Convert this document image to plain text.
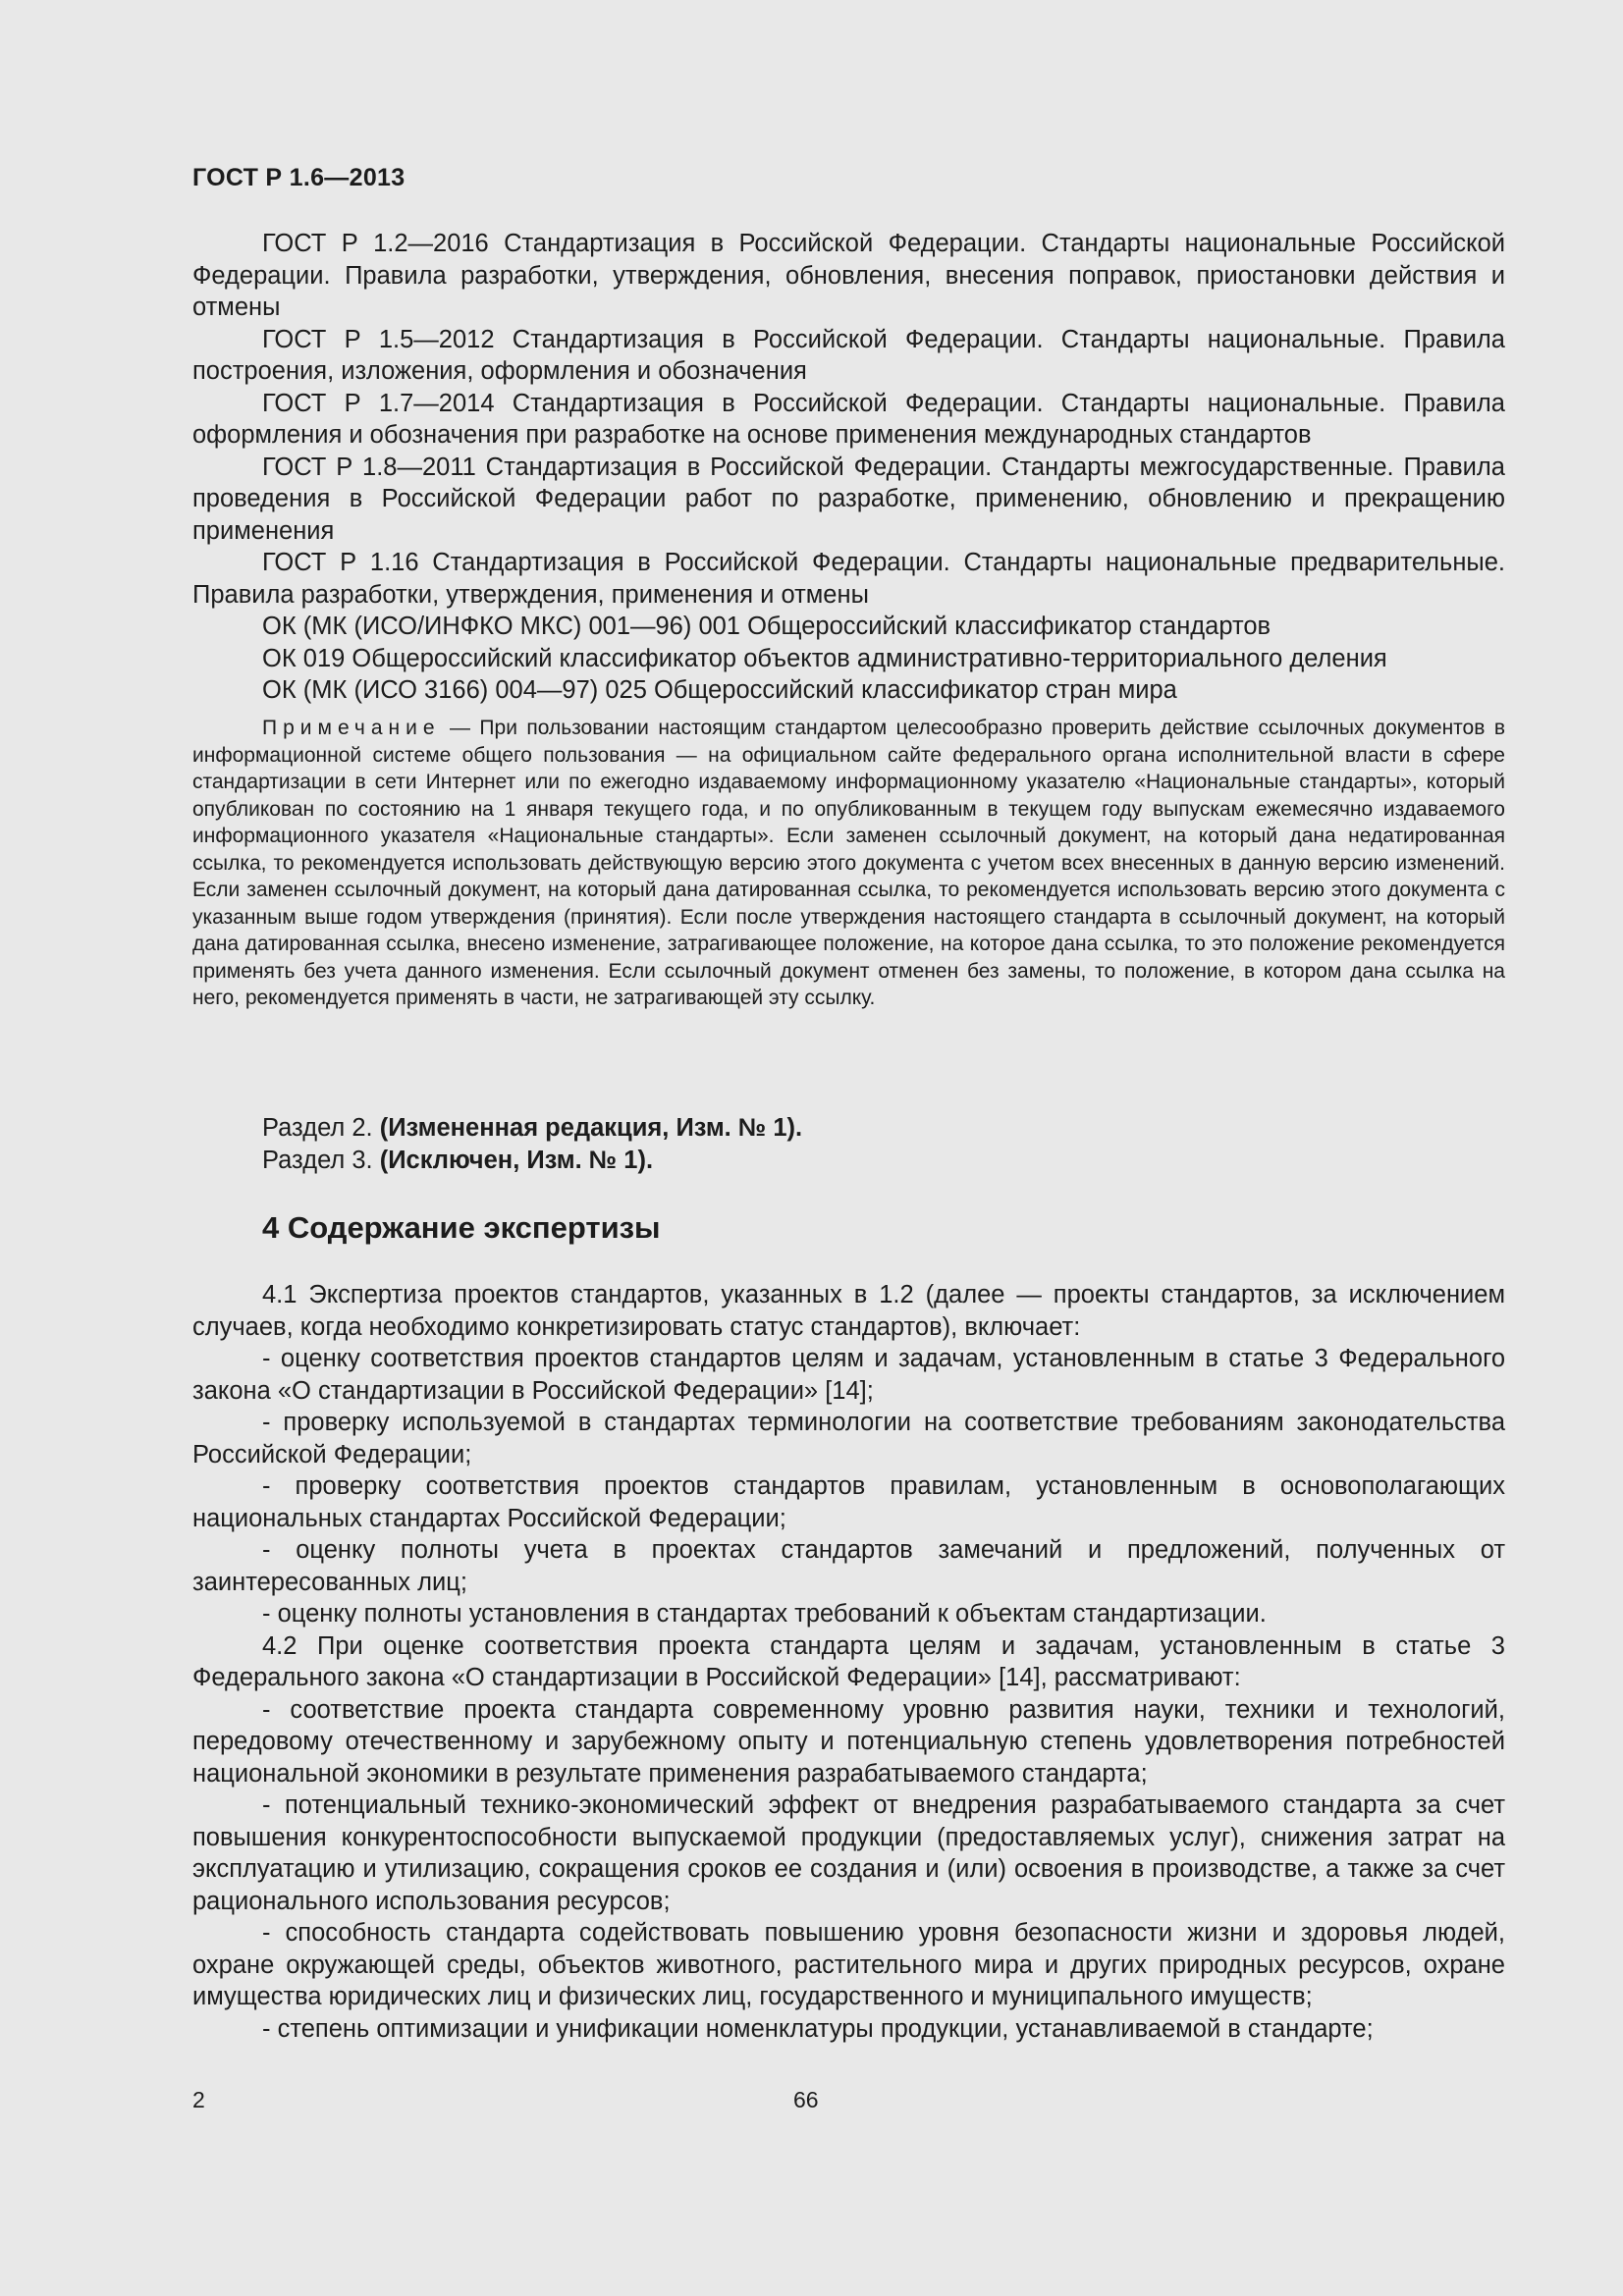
ГОСТ Р 1.6—2013

ГОСТ Р 1.2—2016 Стандартизация в Российской Федерации. Стандарты национальные Российской Федерации. Правила разработки, утверждения, обновления, внесения поправок, приостановки действия и отмены

ГОСТ Р 1.5—2012 Стандартизация в Российской Федерации. Стандарты национальные. Правила построения, изложения, оформления и обозначения

ГОСТ Р 1.7—2014 Стандартизация в Российской Федерации. Стандарты национальные. Правила оформления и обозначения при разработке на основе применения международных стандартов

ГОСТ Р 1.8—2011 Стандартизация в Российской Федерации. Стандарты межгосударственные. Правила проведения в Российской Федерации работ по разработке, применению, обновлению и прекращению применения

ГОСТ Р 1.16 Стандартизация в Российской Федерации. Стандарты национальные предварительные. Правила разработки, утверждения, применения и отмены

ОК (МК (ИСО/ИНФКО МКС) 001—96) 001 Общероссийский классификатор стандартов

ОК 019 Общероссийский классификатор объектов административно-территориального деления

ОК (МК (ИСО 3166) 004—97) 025 Общероссийский классификатор стран мира

Примечание — При пользовании настоящим стандартом целесообразно проверить действие ссылочных документов в информационной системе общего пользования — на официальном сайте федерального органа исполнительной власти в сфере стандартизации в сети Интернет или по ежегодно издаваемому информационному указателю «Национальные стандарты», который опубликован по состоянию на 1 января текущего года, и по опубликованным в текущем году выпускам ежемесячно издаваемого информационного указателя «Национальные стандарты». Если заменен ссылочный документ, на который дана недатированная ссылка, то рекомендуется использовать действующую версию этого документа с учетом всех внесенных в данную версию изменений. Если заменен ссылочный документ, на который дана датированная ссылка, то рекомендуется использовать версию этого документа с указанным выше годом утверждения (принятия). Если после утверждения настоящего стандарта в ссылочный документ, на который дана датированная ссылка, внесено изменение, затрагивающее положение, на которое дана ссылка, то это положение рекомендуется применять без учета данного изменения. Если ссылочный документ отменен без замены, то положение, в котором дана ссылка на него, рекомендуется применять в части, не затрагивающей эту ссылку.

Раздел 2. (Измененная редакция, Изм. № 1).

Раздел 3. (Исключен, Изм. № 1).

4 Содержание экспертизы

4.1 Экспертиза проектов стандартов, указанных в 1.2 (далее — проекты стандартов, за исключением случаев, когда необходимо конкретизировать статус стандартов), включает:

- оценку соответствия проектов стандартов целям и задачам, установленным в статье 3 Федерального закона «О стандартизации в Российской Федерации» [14];

- проверку используемой в стандартах терминологии на соответствие требованиям законодательства Российской Федерации;

- проверку соответствия проектов стандартов правилам, установленным в основополагающих национальных стандартах Российской Федерации;

- оценку полноты учета в проектах стандартов замечаний и предложений, полученных от заинтересованных лиц;

- оценку полноты установления в стандартах требований к объектам стандартизации.

4.2 При оценке соответствия проекта стандарта целям и задачам, установленным в статье 3 Федерального закона «О стандартизации в Российской Федерации» [14], рассматривают:

- соответствие проекта стандарта современному уровню развития науки, техники и технологий, передовому отечественному и зарубежному опыту и потенциальную степень удовлетворения потребностей национальной экономики в результате применения разрабатываемого стандарта;

- потенциальный технико-экономический эффект от внедрения разрабатываемого стандарта за счет повышения конкурентоспособности выпускаемой продукции (предоставляемых услуг), снижения затрат на эксплуатацию и утилизацию, сокращения сроков ее создания и (или) освоения в производстве, а также за счет рационального использования ресурсов;

- способность стандарта содействовать повышению уровня безопасности жизни и здоровья людей, охране окружающей среды, объектов животного, растительного мира и других природных ресурсов, охране имущества юридических лиц и физических лиц, государственного и муниципального имуществ;

- степень оптимизации и унификации номенклатуры продукции, устанавливаемой в стандарте;

2	66
